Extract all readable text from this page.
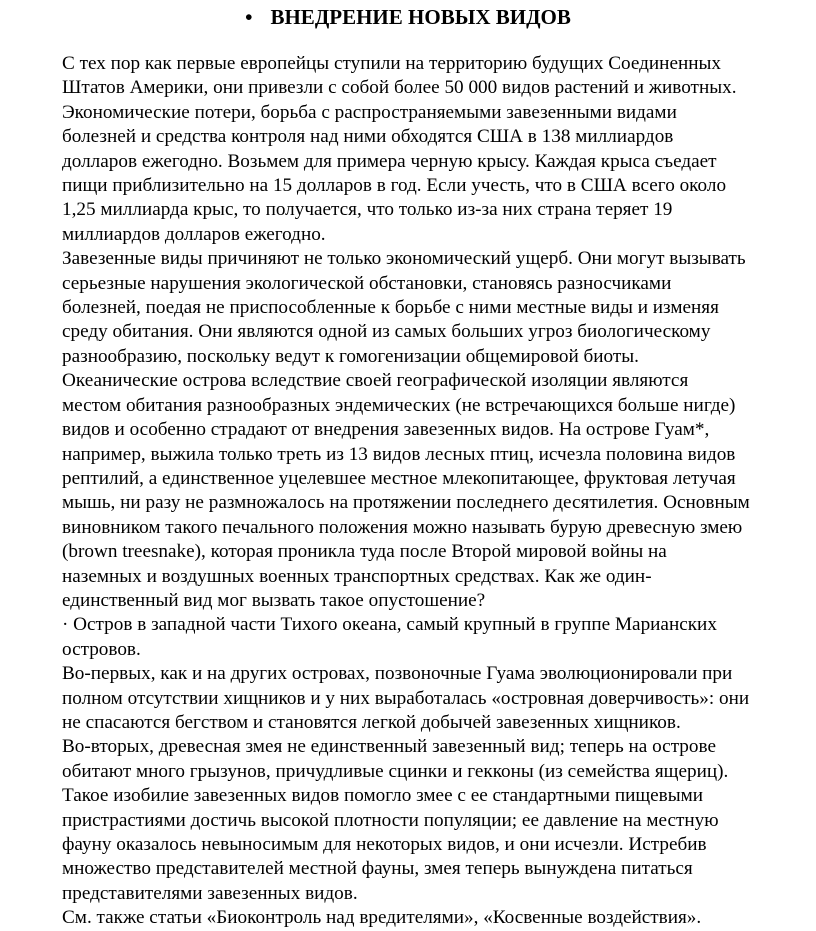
• ВНЕДРЕНИЕ НОВЫХ ВИДОВ
С тех пор как первые европейцы ступили на территорию будущих Соединенных
Штатов Америки, они привезли с собой более 50 000 видов растений и животных.
Экономические потери, борьба с распространяемыми завезенными видами
болезней и средства контроля над ними обходятся США в 138 миллиардов
долларов ежегодно. Возьмем для примера черную крысу. Каждая крыса съедает
пищи приблизительно на 15 долларов в год. Если учесть, что в США всего около
1,25 миллиарда крыс, то получается, что только из-за них страна теряет 19
миллиардов долларов ежегодно.
Завезенные виды причиняют не только экономический ущерб. Они могут вызывать
серьезные нарушения экологической обстановки, становясь разносчиками
болезней, поедая не приспособленные к борьбе с ними местные виды и изменяя
среду обитания. Они являются одной из самых больших угроз биологическому
разнообразию, поскольку ведут к гомогенизации общемировой биоты.
Океанические острова вследствие своей географической изоляции являются
местом обитания разнообразных эндемических (не встречающихся больше нигде)
видов и особенно страдают от внедрения завезенных видов. На острове Гуам*,
например, выжила только треть из 13 видов лесных птиц, исчезла половина видов
рептилий, а единственное уцелевшее местное млекопитающее, фруктовая летучая
мышь, ни разу не размножалось на протяжении последнего десятилетия. Основным
виновником такого печального положения можно называть бурую древесную змею
(brown treesnake), которая проникла туда после Второй мировой войны на
наземных и воздушных военных транспортных средствах. Как же один-
единственный вид мог вызвать такое опустошение?
· Остров в западной части Тихого океана, самый крупный в группе Марианских
островов.
Во-первых, как и на других островах, позвоночные Гуама эволюционировали при
полном отсутствии хищников и у них выработалась «островная доверчивость»: они
не спасаются бегством и становятся легкой добычей завезенных хищников.
Во-вторых, древесная змея не единственный завезенный вид; теперь на острове
обитают много грызунов, причудливые сцинки и гекконы (из семейства ящериц).
Такое изобилие завезенных видов помогло змее с ее стандартными пищевыми
пристрастиями достичь высокой плотности популяции; ее давление на местную
фауну оказалось невыносимым для некоторых видов, и они исчезли. Истребив
множество представителей местной фауны, змея теперь вынуждена питаться
представителями завезенных видов.
См. также статьи «Биоконтроль над вредителями», «Косвенные воздействия».
